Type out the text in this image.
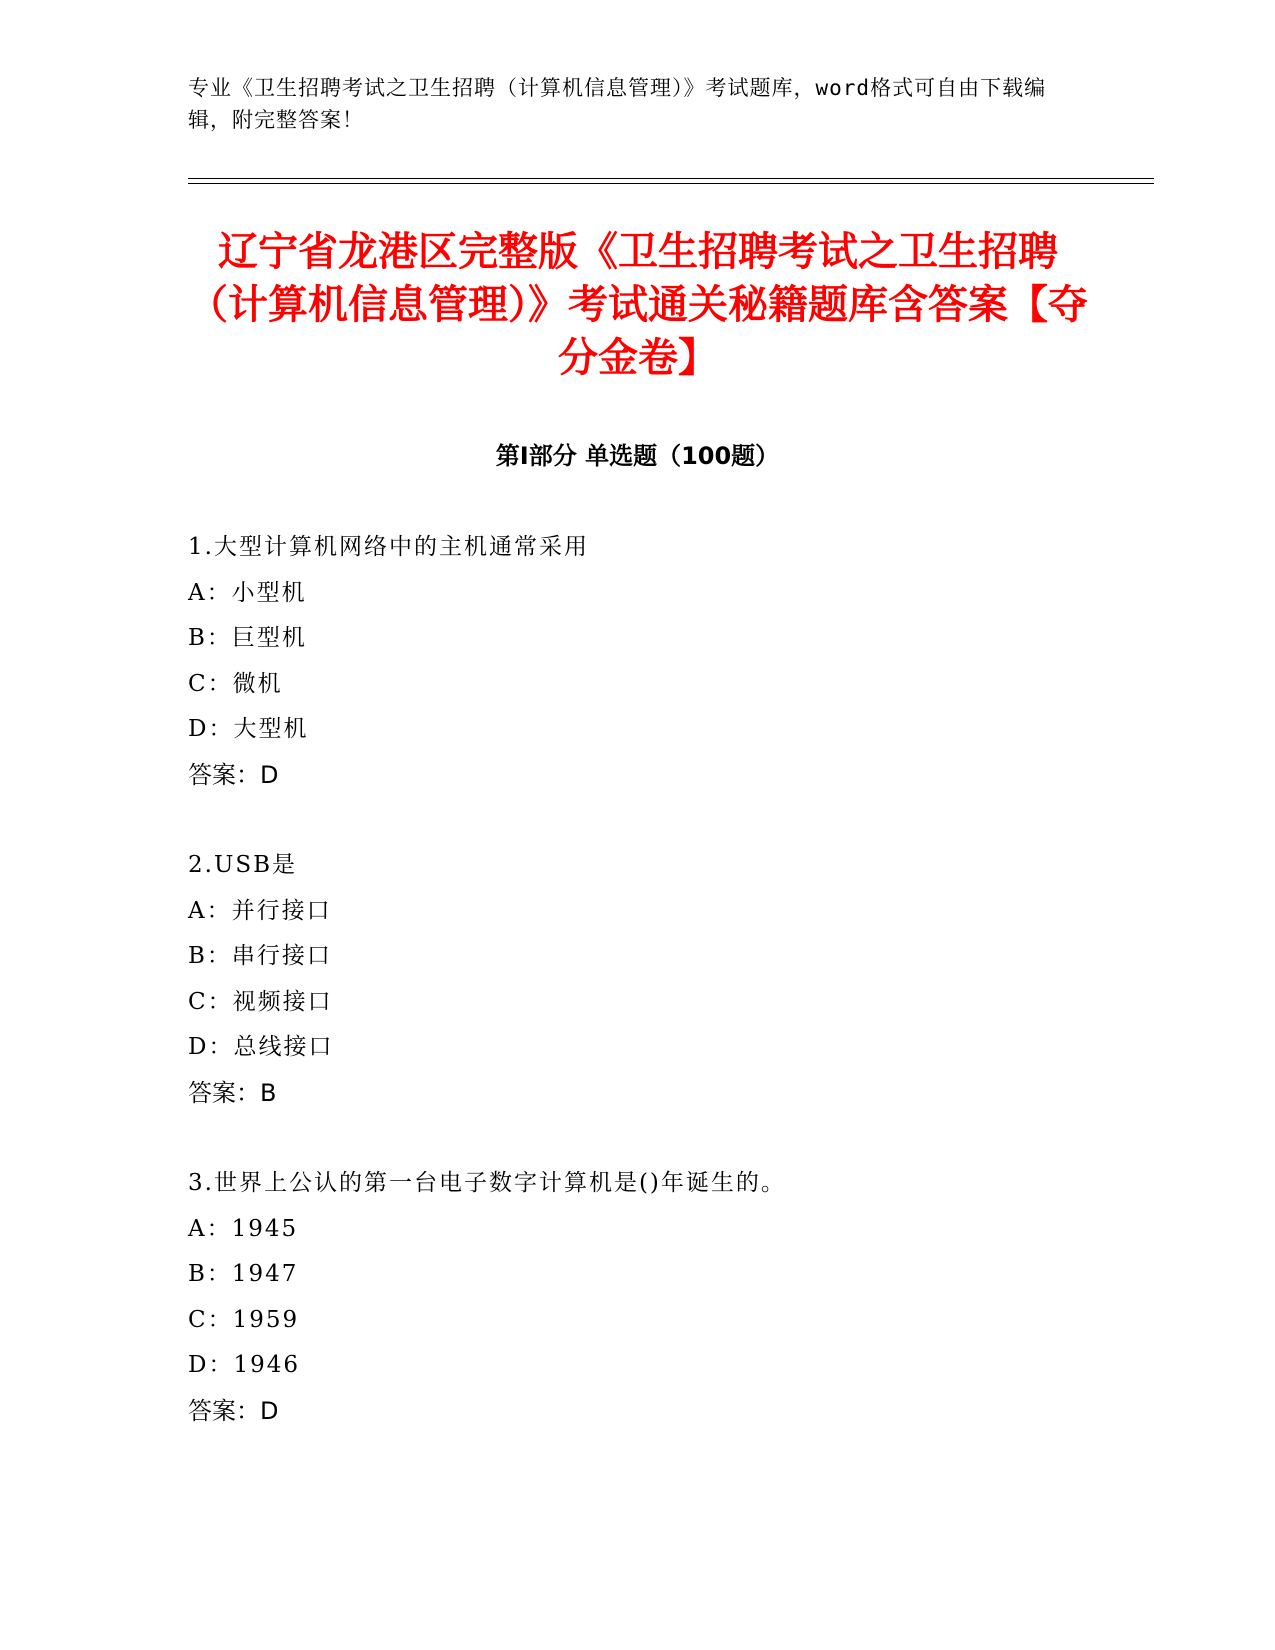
专业《卫生招聘考试之卫生招聘（计算机信息管理）》考试题库，word格式可自由下载编辑，附完整答案！
辽宁省龙港区完整版《卫生招聘考试之卫生招聘（计算机信息管理）》考试通关秘籍题库含答案【夺分金卷】
第Ⅰ部分 单选题（100题）
1.大型计算机网络中的主机通常采用
A：小型机
B：巨型机
C：微机
D：大型机
答案：D
2.USB是
A：并行接口
B：串行接口
C：视频接口
D：总线接口
答案：B
3.世界上公认的第一台电子数字计算机是()年诞生的。
A：1945
B：1947
C：1959
D：1946
答案：D
